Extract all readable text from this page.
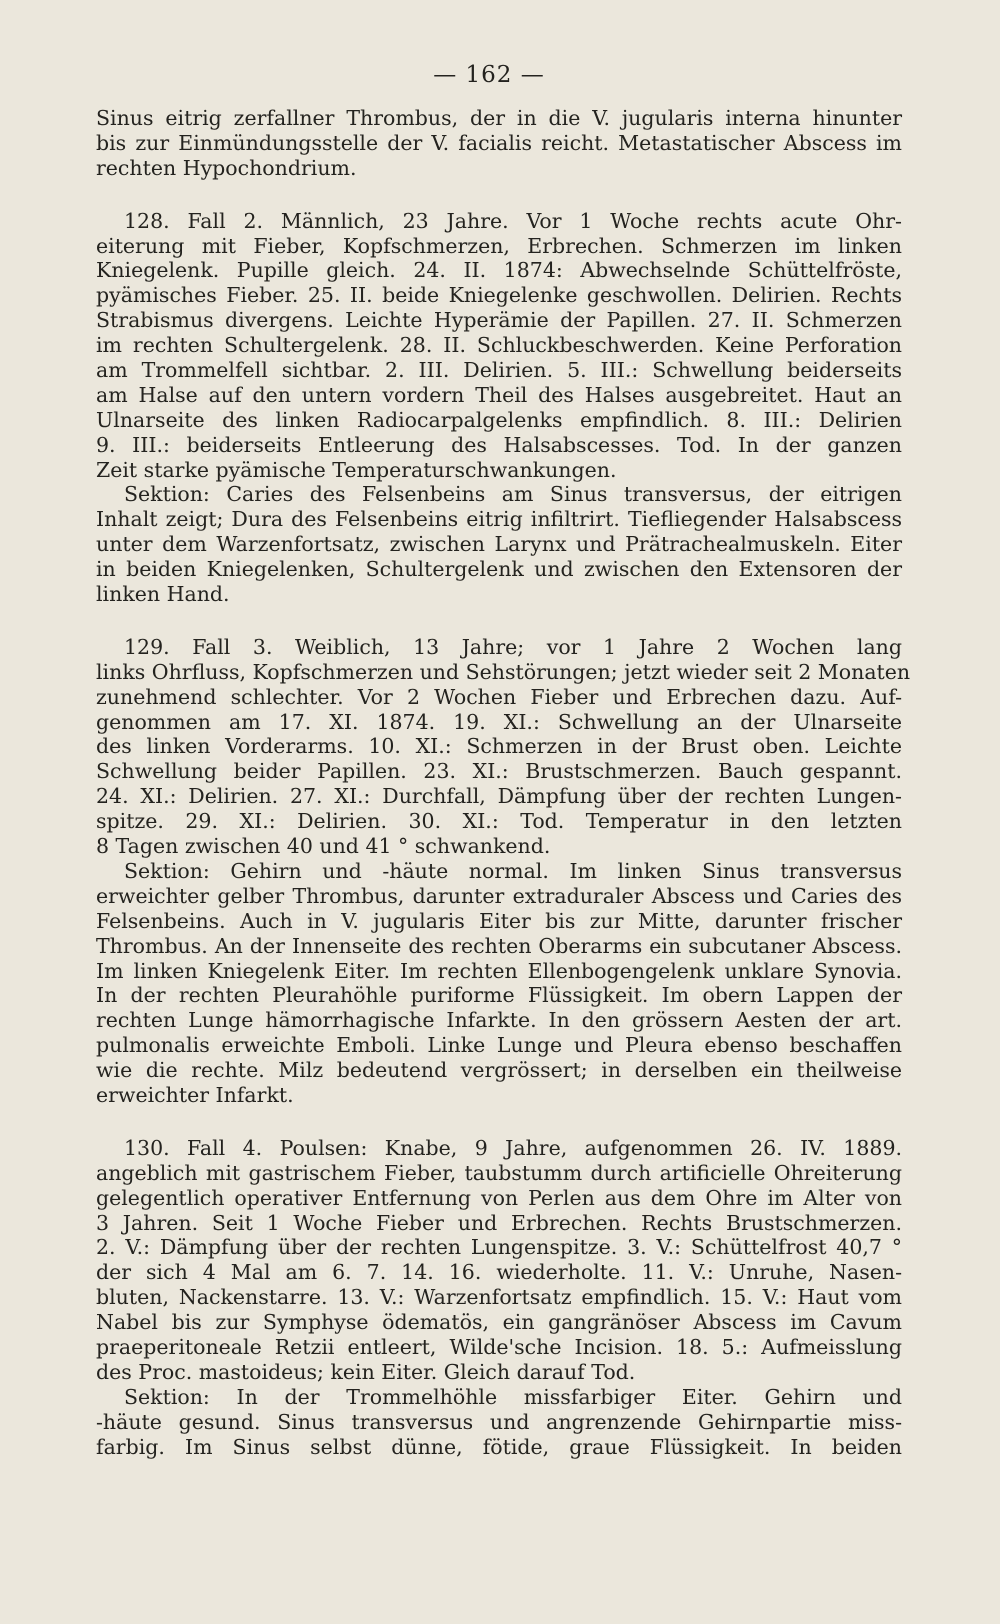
— 162 —
Sinus eitrig zerfallner Thrombus, der in die V. jugularis interna hinunter
bis zur Einmündungsstelle der V. facialis reicht. Metastatischer Abscess im
rechten Hypochondrium.
128. Fall 2. Männlich, 23 Jahre. Vor 1 Woche rechts acute Ohr-
eiterung mit Fieber, Kopfschmerzen, Erbrechen. Schmerzen im linken
Kniegelenk. Pupille gleich. 24. II. 1874: Abwechselnde Schüttelfröste,
pyämisches Fieber. 25. II. beide Kniegelenke geschwollen. Delirien. Rechts
Strabismus divergens. Leichte Hyperämie der Papillen. 27. II. Schmerzen
im rechten Schultergelenk. 28. II. Schluckbeschwerden. Keine Perforation
am Trommelfell sichtbar. 2. III. Delirien. 5. III.: Schwellung beiderseits
am Halse auf den untern vordern Theil des Halses ausgebreitet. Haut an
Ulnarseite des linken Radiocarpalgelenks empfindlich. 8. III.: Delirien
9. III.: beiderseits Entleerung des Halsabscesses. Tod. In der ganzen
Zeit starke pyämische Temperaturschwankungen.
Sektion: Caries des Felsenbeins am Sinus transversus, der eitrigen
Inhalt zeigt; Dura des Felsenbeins eitrig infiltrirt. Tiefliegender Halsabscess
unter dem Warzenfortsatz, zwischen Larynx und Prätrachealmuskeln. Eiter
in beiden Kniegelenken, Schultergelenk und zwischen den Extensoren der
linken Hand.
129. Fall 3. Weiblich, 13 Jahre; vor 1 Jahre 2 Wochen lang
links Ohrfluss, Kopfschmerzen und Sehstörungen; jetzt wieder seit 2 Monaten
zunehmend schlechter. Vor 2 Wochen Fieber und Erbrechen dazu. Auf-
genommen am 17. XI. 1874. 19. XI.: Schwellung an der Ulnarseite
des linken Vorderarms. 10. XI.: Schmerzen in der Brust oben. Leichte
Schwellung beider Papillen. 23. XI.: Brustschmerzen. Bauch gespannt.
24. XI.: Delirien. 27. XI.: Durchfall, Dämpfung über der rechten Lungen-
spitze. 29. XI.: Delirien. 30. XI.: Tod. Temperatur in den letzten
8 Tagen zwischen 40 und 41 ° schwankend.
Sektion: Gehirn und -häute normal. Im linken Sinus transversus
erweichter gelber Thrombus, darunter extraduraler Abscess und Caries des
Felsenbeins. Auch in V. jugularis Eiter bis zur Mitte, darunter frischer
Thrombus. An der Innenseite des rechten Oberarms ein subcutaner Abscess.
Im linken Kniegelenk Eiter. Im rechten Ellenbogengelenk unklare Synovia.
In der rechten Pleurahöhle puriforme Flüssigkeit. Im obern Lappen der
rechten Lunge hämorrhagische Infarkte. In den grössern Aesten der art.
pulmonalis erweichte Emboli. Linke Lunge und Pleura ebenso beschaffen
wie die rechte. Milz bedeutend vergrössert; in derselben ein theilweise
erweichter Infarkt.
130. Fall 4. Poulsen: Knabe, 9 Jahre, aufgenommen 26. IV. 1889.
angeblich mit gastrischem Fieber, taubstumm durch artificielle Ohreiterung
gelegentlich operativer Entfernung von Perlen aus dem Ohre im Alter von
3 Jahren. Seit 1 Woche Fieber und Erbrechen. Rechts Brustschmerzen.
2. V.: Dämpfung über der rechten Lungenspitze. 3. V.: Schüttelfrost 40,7 °
der sich 4 Mal am 6. 7. 14. 16. wiederholte. 11. V.: Unruhe, Nasen-
bluten, Nackenstarre. 13. V.: Warzenfortsatz empfindlich. 15. V.: Haut vom
Nabel bis zur Symphyse ödematös, ein gangränöser Abscess im Cavum
praeperitoneale Retzii entleert, Wilde'sche Incision. 18. 5.: Aufmeisslung
des Proc. mastoideus; kein Eiter. Gleich darauf Tod.
Sektion: In der Trommelhöhle missfarbiger Eiter. Gehirn und
-häute gesund. Sinus transversus und angrenzende Gehirnpartie miss-
farbig. Im Sinus selbst dünne, fötide, graue Flüssigkeit. In beiden
